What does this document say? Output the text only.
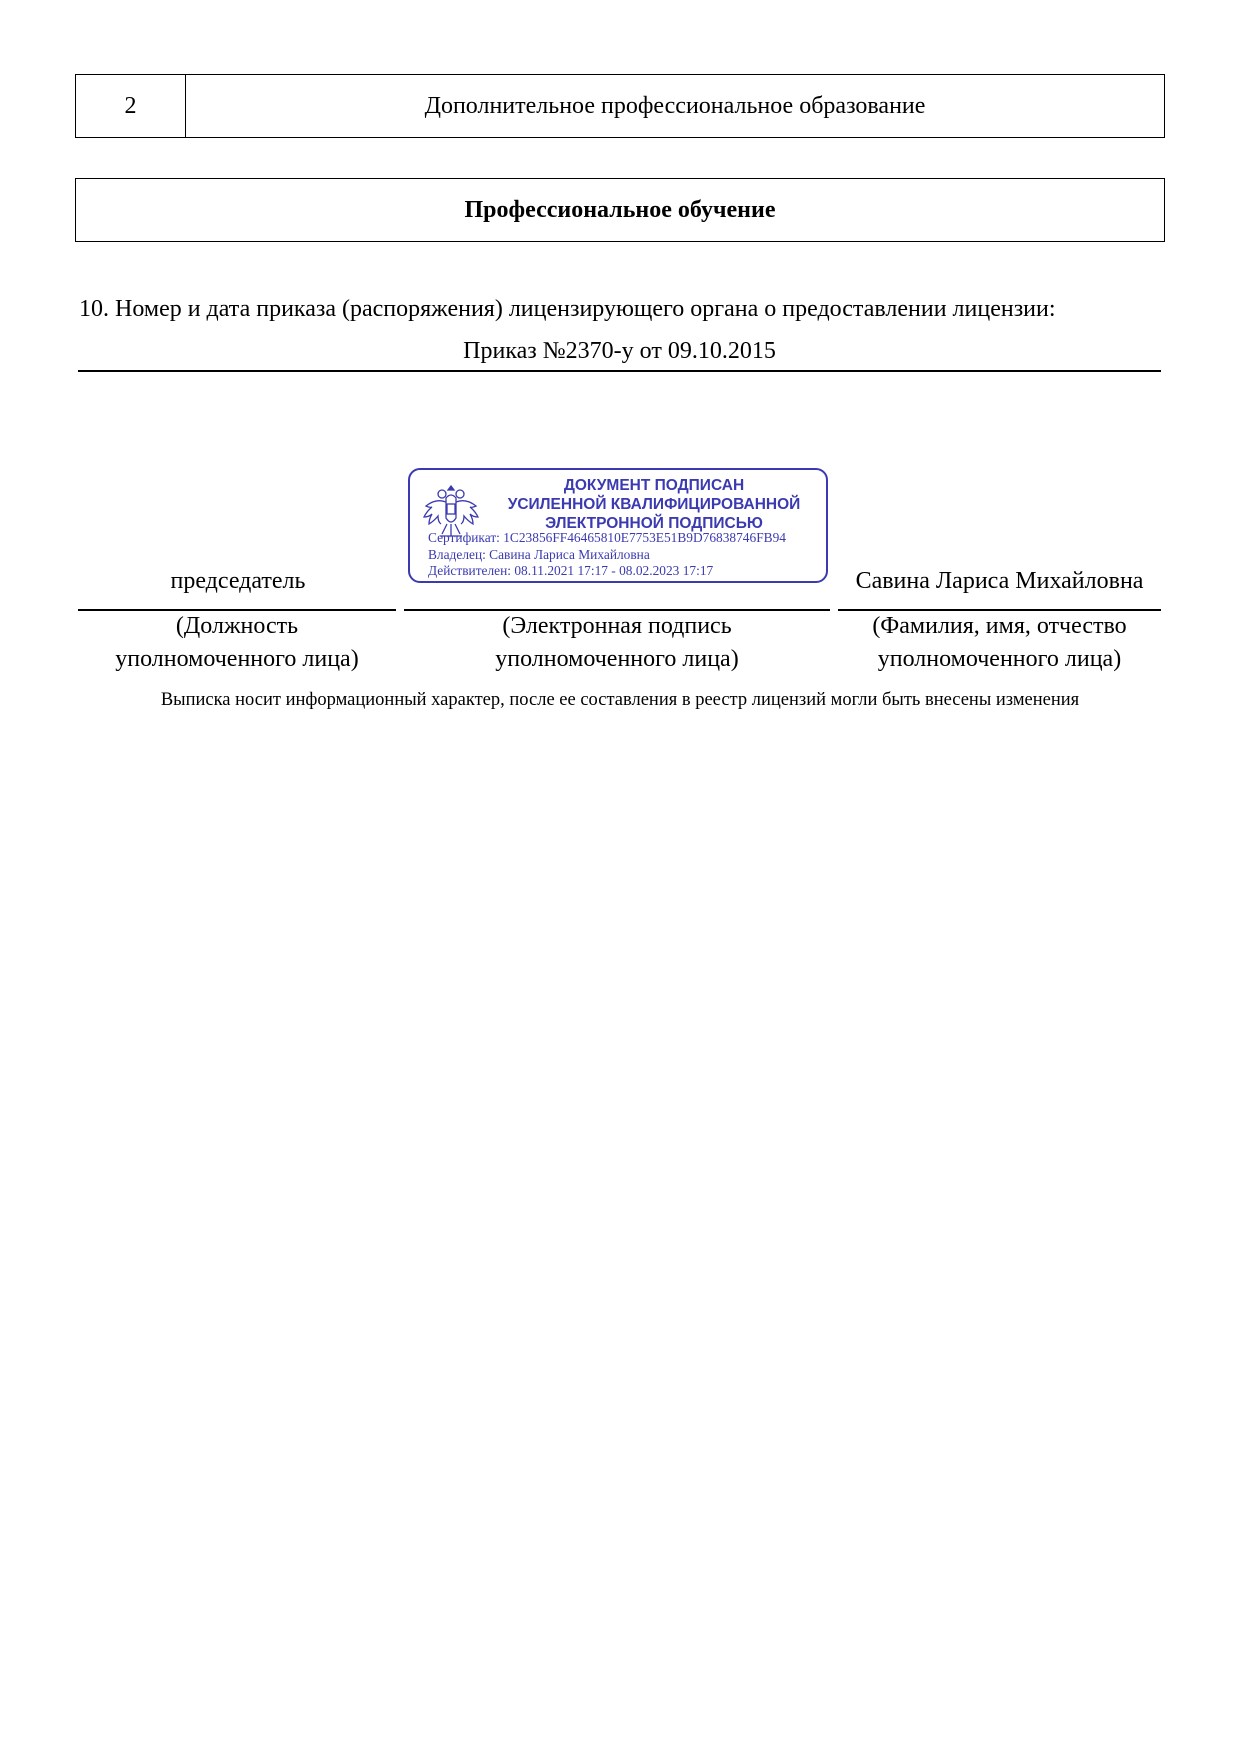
2	Дополнительное профессиональное образование
Профессиональное обучение
10. Номер и дата приказа (распоряжения) лицензирующего органа о предоставлении лицензии:
Приказ №2370-у от 09.10.2015
председатель	Савина Лариса Михайловна
(Должность
уполномоченного лица)
(Электронная подпись
уполномоченного лица)
(Фамилия, имя, отчество
уполномоченного лица)
ДОКУМЕНТ ПОДПИСАН
УСИЛЕННОЙ КВАЛИФИЦИРОВАННОЙ
ЭЛЕКТРОННОЙ ПОДПИСЬЮ
Сертификат: 1C23856FF46465810E7753E51B9D76838746FB94
Владелец: Савина Лариса Михайловна
Действителен: 08.11.2021 17:17 - 08.02.2023 17:17
Выписка носит информационный характер, после ее составления в реестр лицензий могли быть внесены изменения
